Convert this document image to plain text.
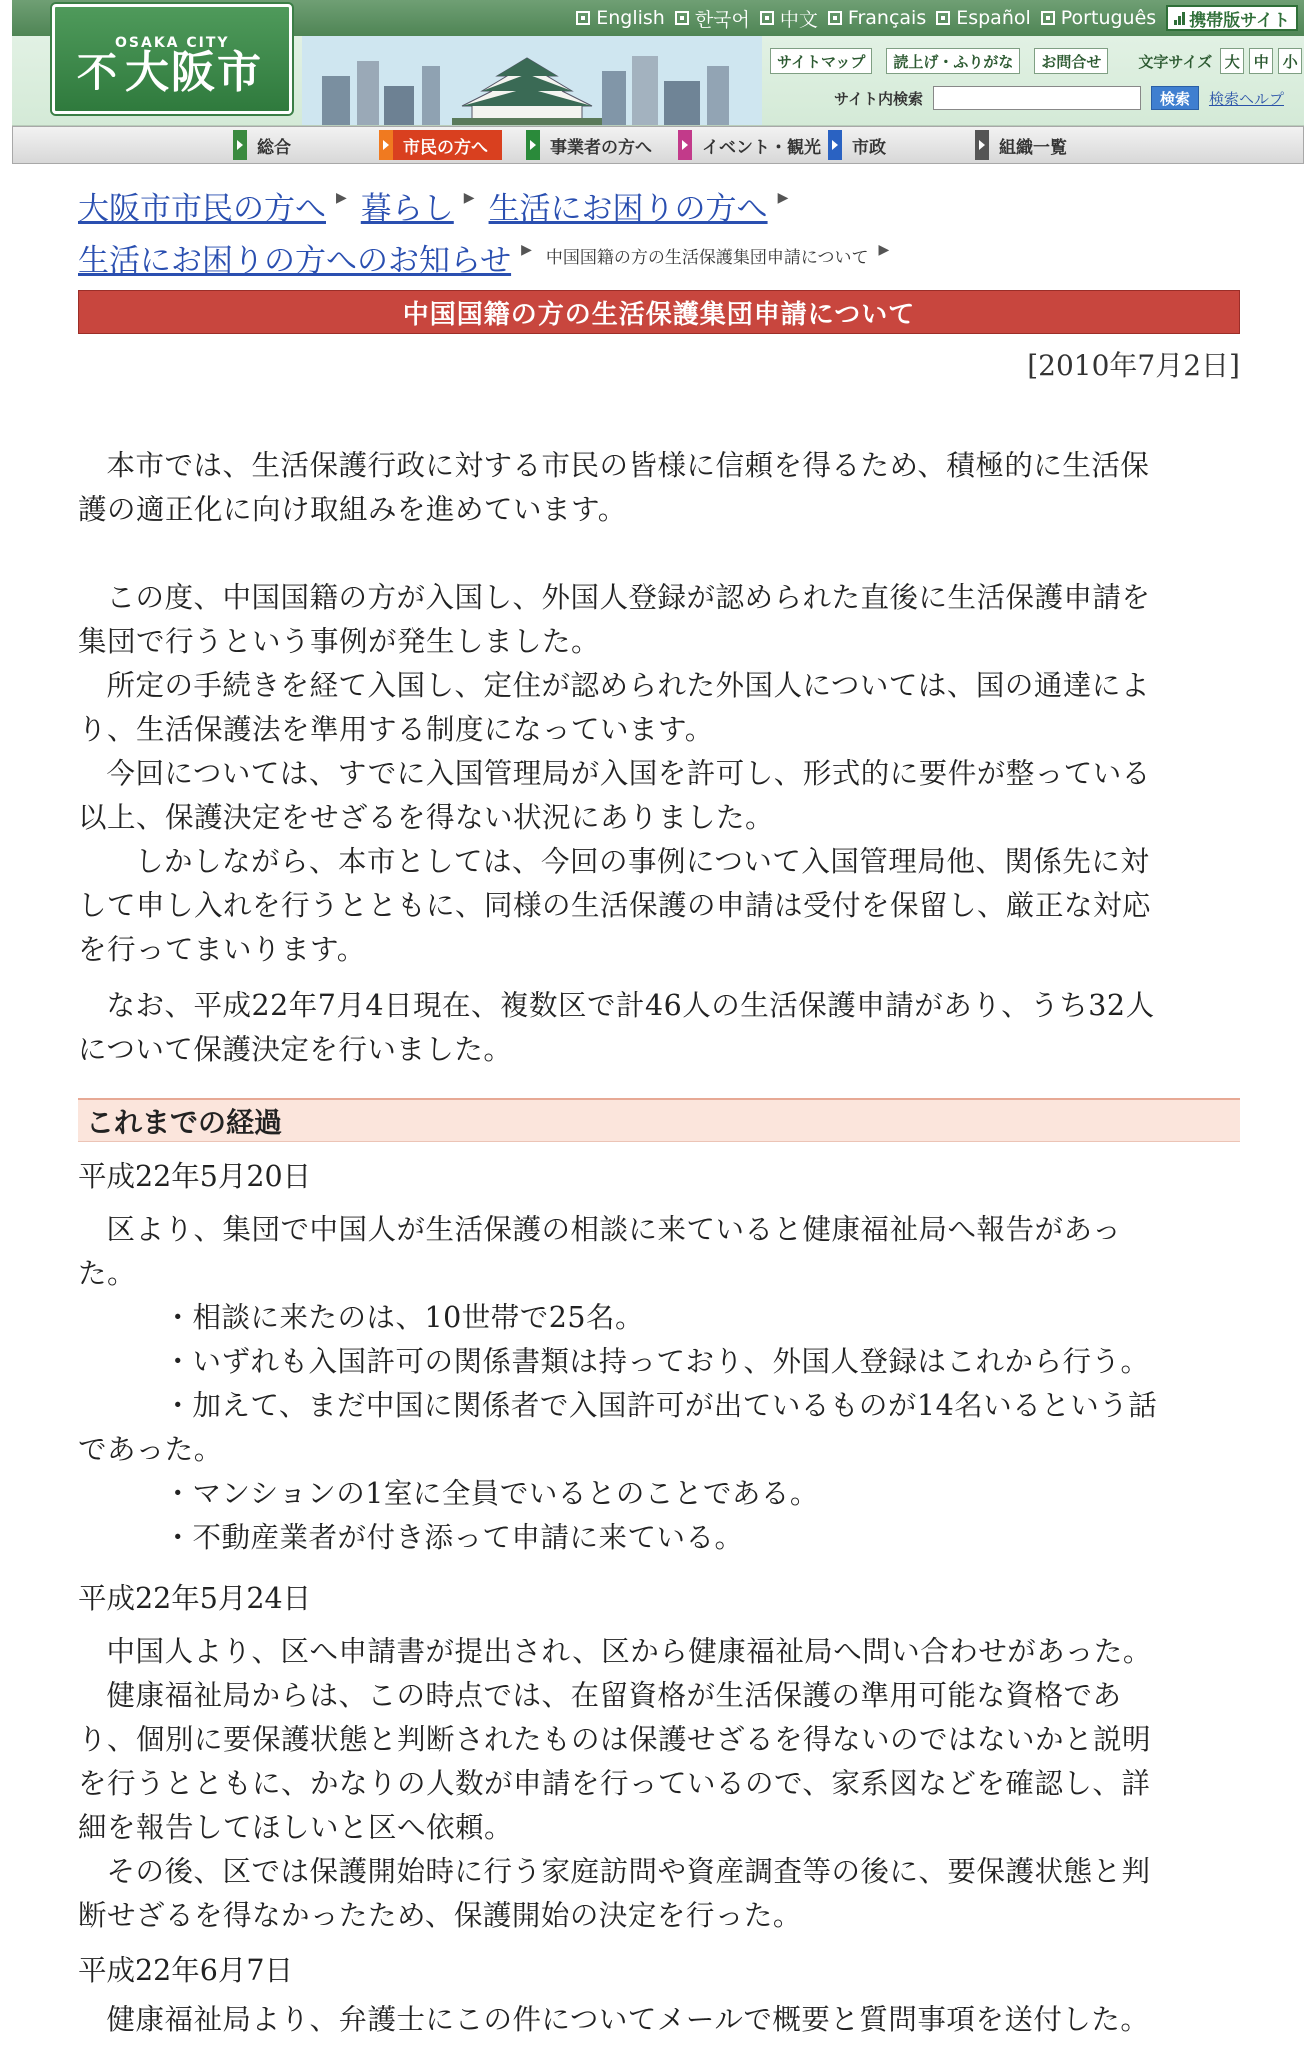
English 한국어 中文 Français Español Português 携帯版サイト
OSAKA CITY
不 大阪市	サイトマップ	読上げ・ふりがな	お問合せ	文字サイズ 大 中 小
サイト内検索	検索	検索ヘルプ
総合	市民の方へ	事業者の方へ	イベント・観光 市政	組織一覧
大阪市市民の方へ ▶ 暮らし ▶ 生活にお困りの方へ ▶
生活にお困りの方へのお知らせ ▶ 中国国籍の方の生活保護集団申請について ▶
中国国籍の方の生活保護集団申請について
[2010年7月2日]
本市では、生活保護行政に対する市民の皆様に信頼を得るため、積極的に生活保
護の適正化に向け取組みを進めています。
この度、中国国籍の方が入国し、外国人登録が認められた直後に生活保護申請を
集団で行うという事例が発生しました。
所定の手続きを経て入国し、定住が認められた外国人については、国の通達によ
り、生活保護法を準用する制度になっています。
今回については、すでに入国管理局が入国を許可し、形式的に要件が整っている
以上、保護決定をせざるを得ない状況にありました。
しかしながら、本市としては、今回の事例について入国管理局他、関係先に対
して申し入れを行うとともに、同様の生活保護の申請は受付を保留し、厳正な対応
を行ってまいります。
なお、平成22年7月4日現在、複数区で計46人の生活保護申請があり、うち32人
について保護決定を行いました。
これまでの経過
平成22年5月20日
区より、集団で中国人が生活保護の相談に来ていると健康福祉局へ報告があっ
た。
・相談に来たのは、10世帯で25名。
・いずれも入国許可の関係書類は持っており、外国人登録はこれから行う。
・加えて、まだ中国に関係者で入国許可が出ているものが14名いるという話
であった。
・マンションの1室に全員でいるとのことである。
・不動産業者が付き添って申請に来ている。
平成22年5月24日
中国人より、区へ申請書が提出され、区から健康福祉局へ問い合わせがあった。
健康福祉局からは、この時点では、在留資格が生活保護の準用可能な資格であ
り、個別に要保護状態と判断されたものは保護せざるを得ないのではないかと説明
を行うとともに、かなりの人数が申請を行っているので、家系図などを確認し、詳
細を報告してほしいと区へ依頼。
その後、区では保護開始時に行う家庭訪問や資産調査等の後に、要保護状態と判
断せざるを得なかったため、保護開始の決定を行った。
平成22年6月7日
健康福祉局より、弁護士にこの件についてメールで概要と質問事項を送付した。
